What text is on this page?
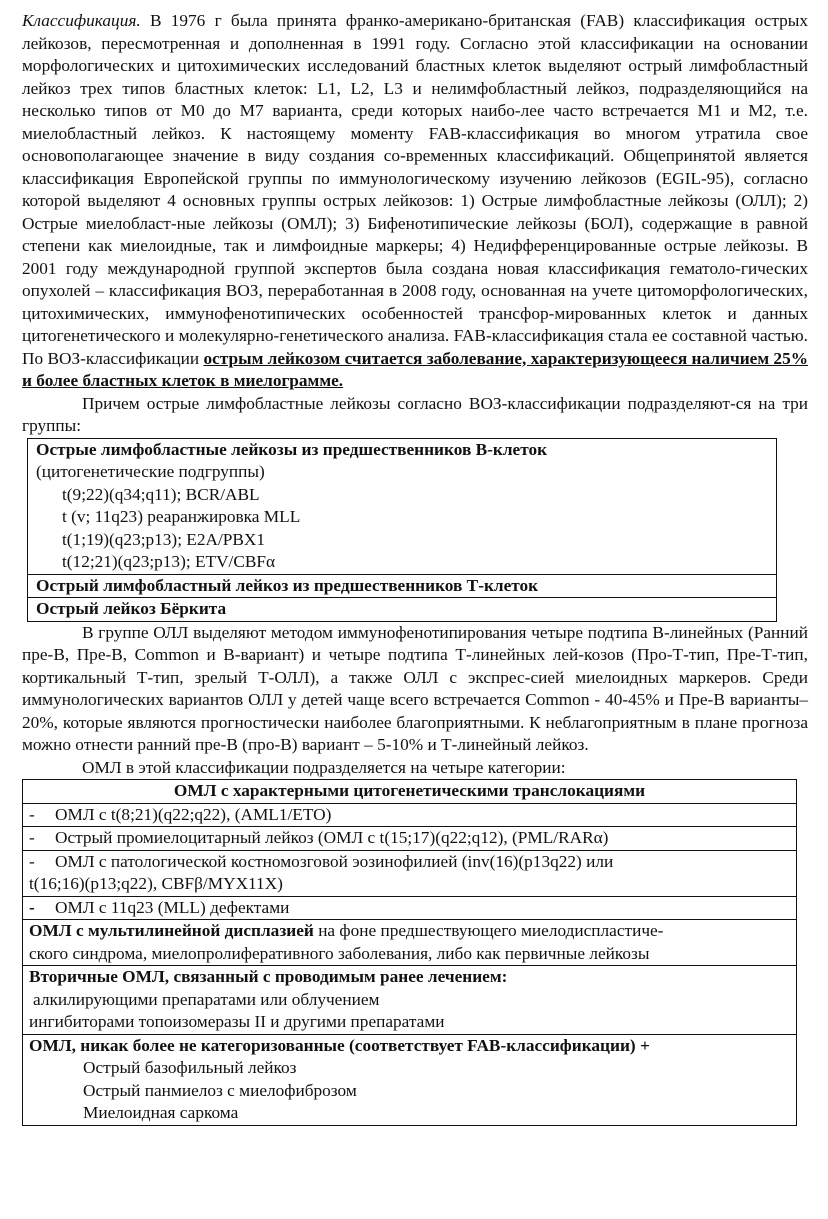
Классификация. В 1976 г была принята франко-американо-британская (FAB) классификация острых лейкозов, пересмотренная и дополненная в 1991 году. Согласно этой классификации на основании морфологических и цитохимических исследований бластных клеток выделяют острый лимфобластный лейкоз трех типов бластных клеток: L1, L2, L3 и нелимфобластный лейкоз, подразделяющийся на несколько типов от М0 до М7 варианта, среди которых наибо-лее часто встречается М1 и М2, т.е. миелобластный лейкоз. К настоящему моменту FAB-классификация во многом утратила свое основополагающее значение в виду создания со-временных классификаций. Общепринятой является классификация Европейской группы по иммунологическому изучению лейкозов (EGIL-95), согласно которой выделяют 4 основных группы острых лейкозов: 1) Острые лимфобластные лейкозы (ОЛЛ); 2) Острые миелобласт-ные лейкозы (ОМЛ); 3) Бифенотипические лейкозы (БОЛ), содержащие в равной степени как миелоидные, так и лимфоидные маркеры; 4) Недифференцированные острые лейкозы. В 2001 году международной группой экспертов была создана новая классификация гематоло-гических опухолей – классификация ВОЗ, переработанная в 2008 году, основанная на учете цитоморфологических, цитохимических, иммунофенотипических особенностей трансфор-мированных клеток и данных цитогенетического и молекулярно-генетического анализа. FAB-классификация стала ее составной частью. По ВОЗ-классификации острым лейкозом считается заболевание, характеризующееся наличием 25% и более бластных клеток в миелограмме.

Причем острые лимфобластные лейкозы согласно ВОЗ-классификации подразделяют-ся на три группы:

Острые лимфобластные лейкозы из предшественников В-клеток
(цитогенетические подгруппы)
t(9;22)(q34;q11); BCR/ABL
t (v; 11q23) реаранжировка MLL
t(1;19)(q23;p13); E2A/PBX1
t(12;21)(q23;p13); ETV/CBFα

Острый лимфобластный лейкоз из предшественников Т-клеток
Острый лейкоз Бёркита

В группе ОЛЛ выделяют методом иммунофенотипирования четыре подтипа В-линейных (Ранний пре-В, Пре-В, Common и В-вариант) и четыре подтипа Т-линейных лей-козов (Про-Т-тип, Пре-Т-тип, кортикальный Т-тип, зрелый Т-ОЛЛ), а также ОЛЛ с экспрес-сией миелоидных маркеров. Среди иммунологических вариантов ОЛЛ у детей чаще всего встречается Common - 40-45% и Пре-В варианты– 20%, которые являются прогностически наиболее благоприятными. К неблагоприятным в плане прогноза можно отнести ранний пре-В (про-В) вариант – 5-10% и Т-линейный лейкоз.

ОМЛ в этой классификации подразделяется на четыре категории:

ОМЛ с характерными цитогенетическими транслокациями
- ОМЛ с t(8;21)(q22;q22), (AML1/ETO)
- Острый промиелоцитарный лейкоз (ОМЛ с t(15;17)(q22;q12), (PML/RARα)

- ОМЛ с патологической костномозговой эозинофилией (inv(16)(p13q22) или
t(16;16)(p13;q22), CBFβ/MYX11X)

- ОМЛ с 11q23 (MLL) дефектами

ОМЛ с мультилинейной дисплазией на фоне предшествующего миелодиспластиче-
ского синдрома, миелопролиферативного заболевания, либо как первичные лейкозы

Вторичные ОМЛ, связанный с проводимым ранее лечением:
алкилирующими препаратами или облучением
ингибиторами топоизомеразы II и другими препаратами

ОМЛ, никак более не категоризованные (соответствует FAB-классификации) +
Острый базофильный лейкоз
Острый панмиелоз с миелофиброзом
Миелоидная саркома
